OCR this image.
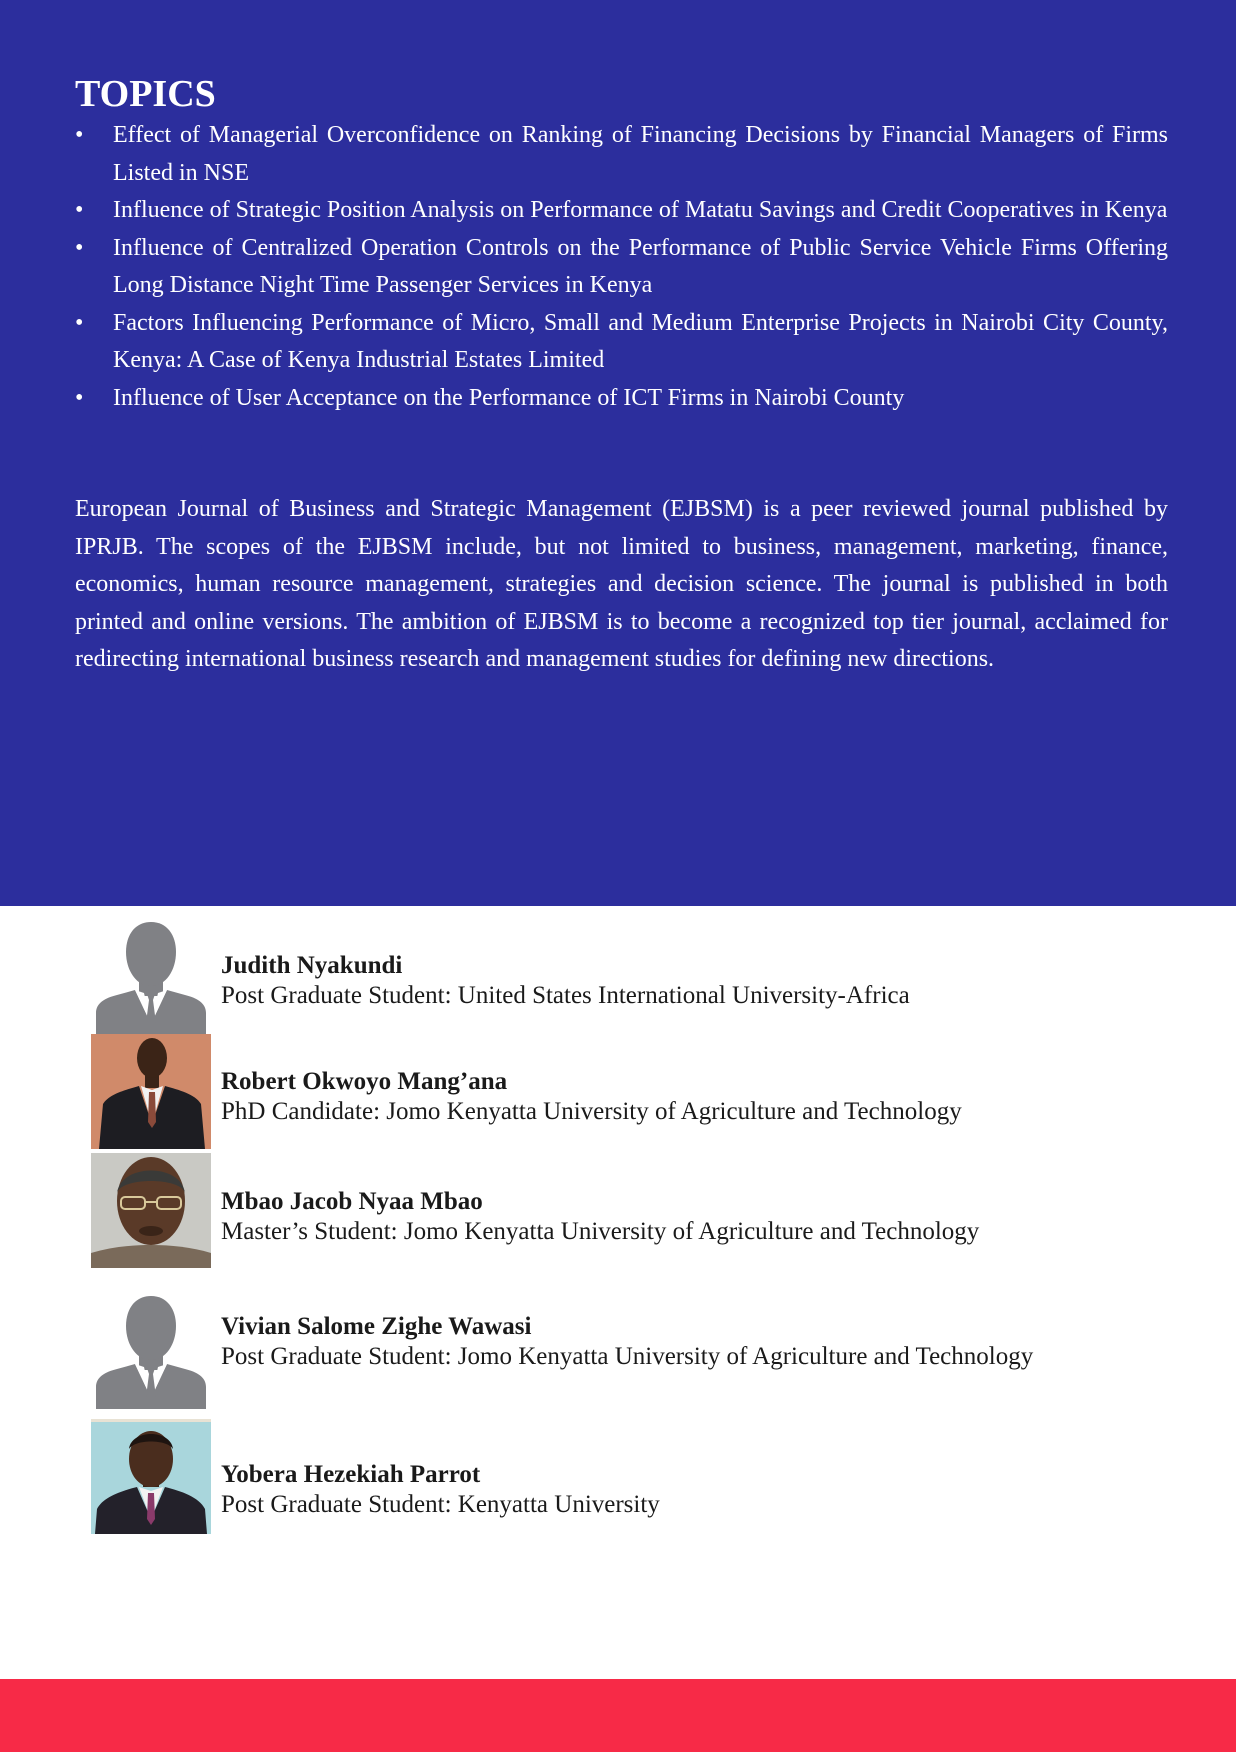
TOPICS
• Effect of Managerial Overconfidence on Ranking of Financing Decisions by Financial Managers of Firms Listed in NSE
• Influence of Strategic Position Analysis on Performance of Matatu Savings and Credit Cooperatives in Kenya
• Influence of Centralized Operation Controls on the Performance of Public Service Vehicle Firms Offering Long Distance Night Time Passenger Services in Kenya
• Factors Influencing Performance of Micro, Small and Medium Enterprise Projects in Nairobi City County, Kenya: A Case of Kenya Industrial Estates Limited
• Influence of User Acceptance on the Performance of ICT Firms in Nairobi County

European Journal of Business and Strategic Management (EJBSM) is a peer reviewed journal published by IPRJB. The scopes of the EJBSM include, but not limited to business, management, marketing, finance, economics, human resource management, strategies and decision science. The journal is published in both printed and online versions. The ambition of EJBSM is to become a recognized top tier journal, acclaimed for redirecting international business research and management studies for defining new directions.

Judith Nyakundi
Post Graduate Student: United States International University-Africa
Robert Okwoyo Mang’ana
PhD Candidate: Jomo Kenyatta University of Agriculture and Technology
Mbao Jacob Nyaa Mbao
Master’s Student: Jomo Kenyatta University of Agriculture and Technology
Vivian Salome Zighe Wawasi
Post Graduate Student: Jomo Kenyatta University of Agriculture and Technology
Yobera Hezekiah Parrot
Post Graduate Student: Kenyatta University
